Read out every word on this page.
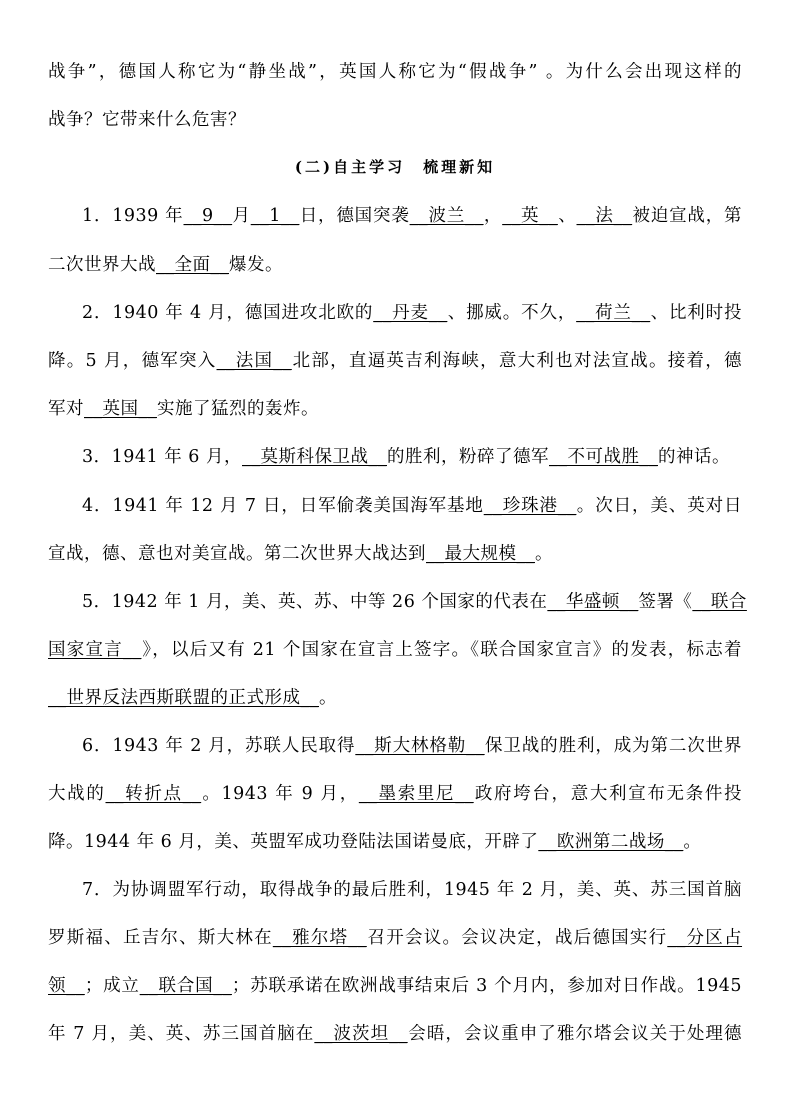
战争”，德国人称它为“静坐战”，英国人称它为“假战争” 。为什么会出现这样的
战争？它带来什么危害？
(二)自主学习　梳理新知
1．1939 年__9__月__1__日，德国突袭__波兰__，__英__、__法__被迫宣战，第
二次世界大战__全面__爆发。
2．1940 年 4 月，德国进攻北欧的__丹麦__、挪威。不久，__荷兰__、比利时投
降。5 月，德军突入__法国__北部，直逼英吉利海峡，意大利也对法宣战。接着，德
军对__英国__实施了猛烈的轰炸。
3．1941 年 6 月，__莫斯科保卫战__的胜利，粉碎了德军__不可战胜__的神话。
4．1941 年 12 月 7 日，日军偷袭美国海军基地__珍珠港__。次日，美、英对日
宣战，德、意也对美宣战。第二次世界大战达到__最大规模__。
5．1942 年 1 月，美、英、苏、中等 26 个国家的代表在__华盛顿__签署《__联合
国家宣言__》，以后又有 21 个国家在宣言上签字。《联合国家宣言》的发表，标志着
__世界反法西斯联盟的正式形成__。
6．1943 年 2 月，苏联人民取得__斯大林格勒__保卫战的胜利，成为第二次世界
大战的__转折点__。1943 年 9 月，__墨索里尼__政府垮台，意大利宣布无条件投
降。1944 年 6 月，美、英盟军成功登陆法国诺曼底，开辟了__欧洲第二战场__。
7．为协调盟军行动，取得战争的最后胜利，1945 年 2 月，美、英、苏三国首脑
罗斯福、丘吉尔、斯大林在__雅尔塔__召开会议。会议决定，战后德国实行__分区占
领__；成立__联合国__；苏联承诺在欧洲战事结束后 3 个月内，参加对日作战。1945
年 7 月，美、英、苏三国首脑在__波茨坦__会晤，会议重申了雅尔塔会议关于处理德
